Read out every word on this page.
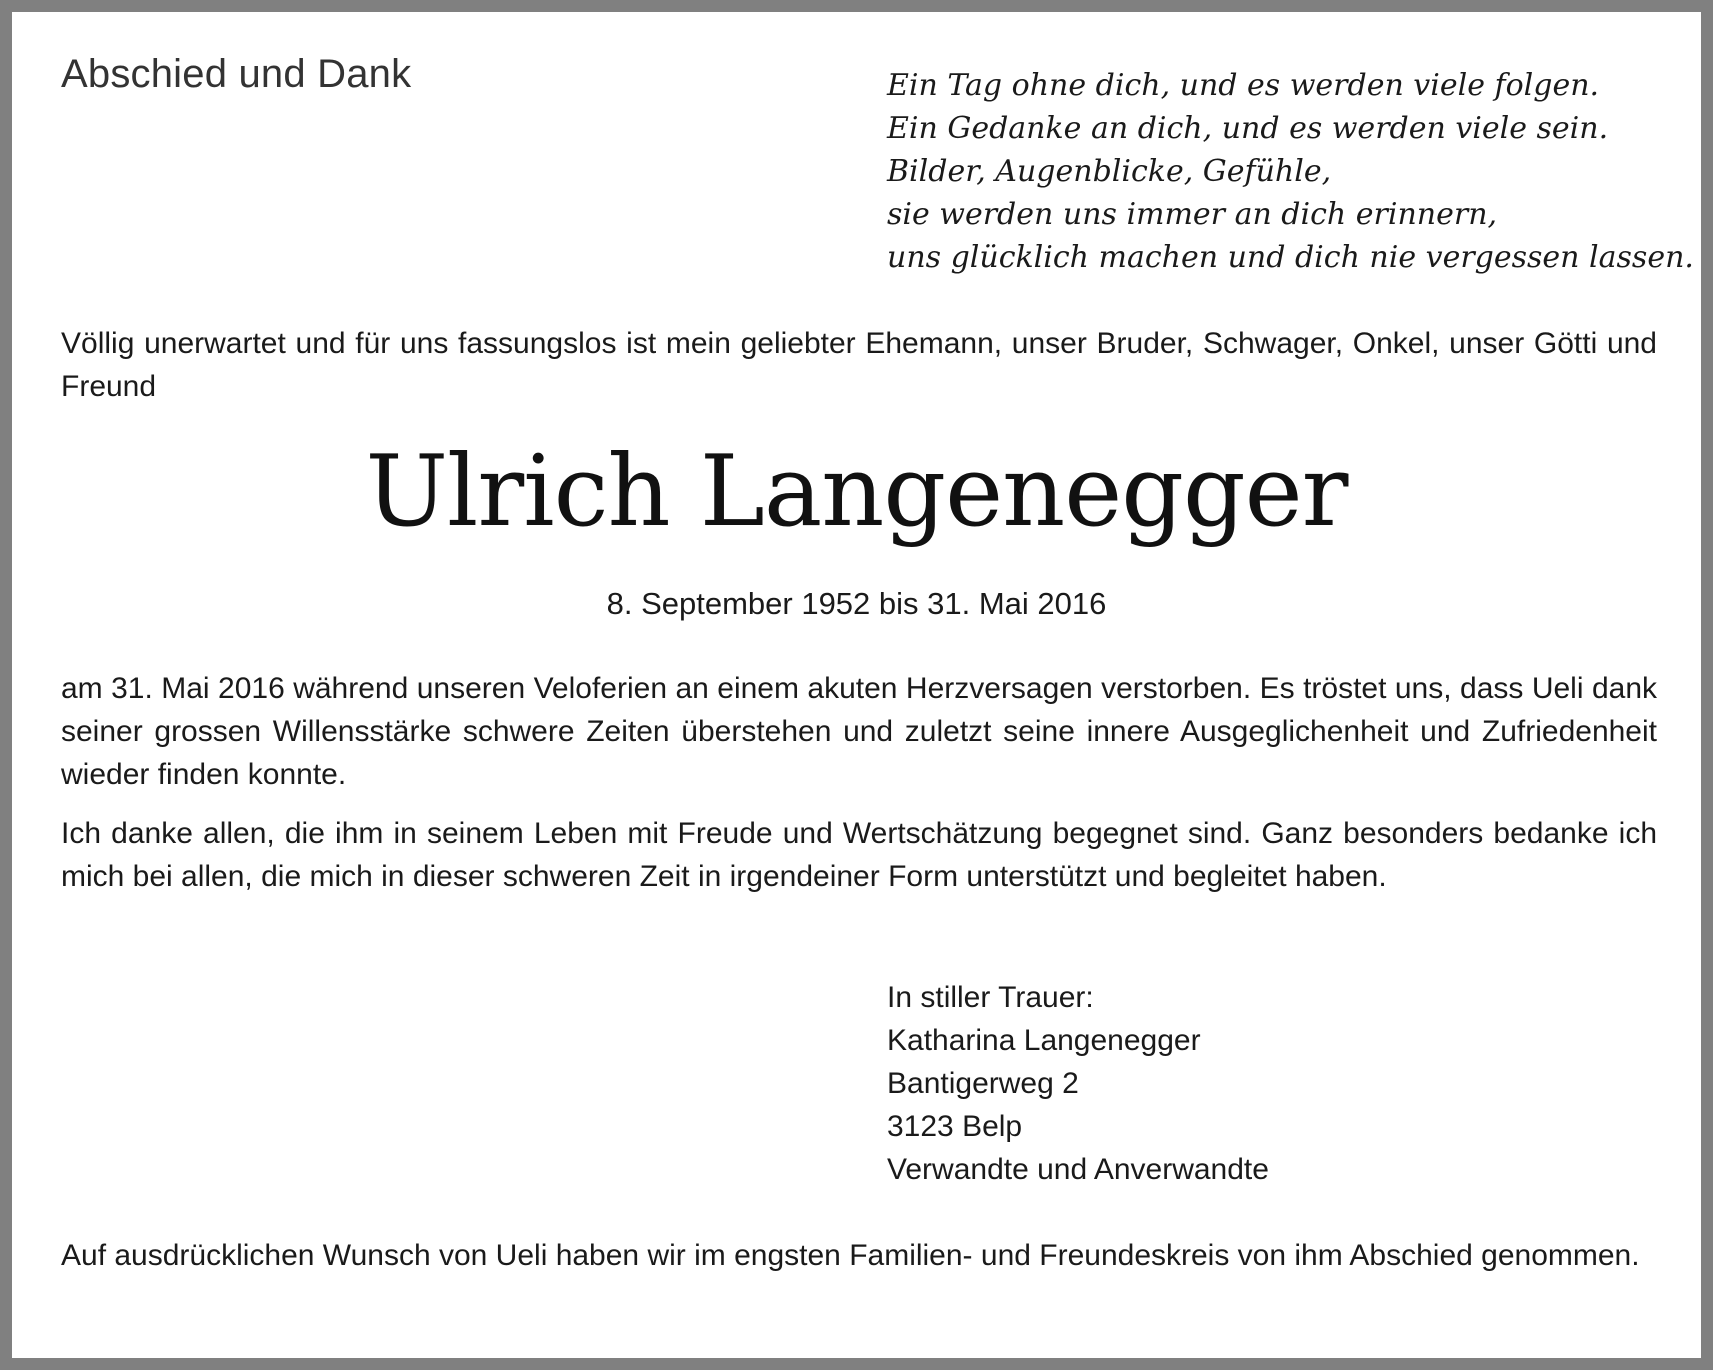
Abschied und Dank	Ein Tag ohne dich, und es werden viele folgen.
Ein Gedanke an dich, und es werden viele sein.
Bilder, Augenblicke, Gefühle,
sie werden uns immer an dich erinnern,
uns glücklich machen und dich nie vergessen lassen.

Völlig unerwartet und für uns fassungslos ist mein geliebter Ehemann, unser Bruder, Schwager, Onkel, unser Götti und Freund

Ulrich Langenegger
8. September 1952 bis 31. Mai 2016

am 31. Mai 2016 während unseren Veloferien an einem akuten Herzversagen verstorben. Es tröstet uns, dass Ueli dank seiner grossen Willensstärke schwere Zeiten überstehen und zuletzt seine innere Ausgeglichenheit und Zufriedenheit wieder finden konnte.

Ich danke allen, die ihm in seinem Leben mit Freude und Wertschätzung begegnet sind. Ganz besonders bedanke ich mich bei allen, die mich in dieser schweren Zeit in irgendeiner Form unterstützt und begleitet haben.

In stiller Trauer:
Katharina Langenegger
Bantigerweg 2
3123 Belp
Verwandte und Anverwandte

Auf ausdrücklichen Wunsch von Ueli haben wir im engsten Familien- und Freundeskreis von ihm Abschied genommen.
